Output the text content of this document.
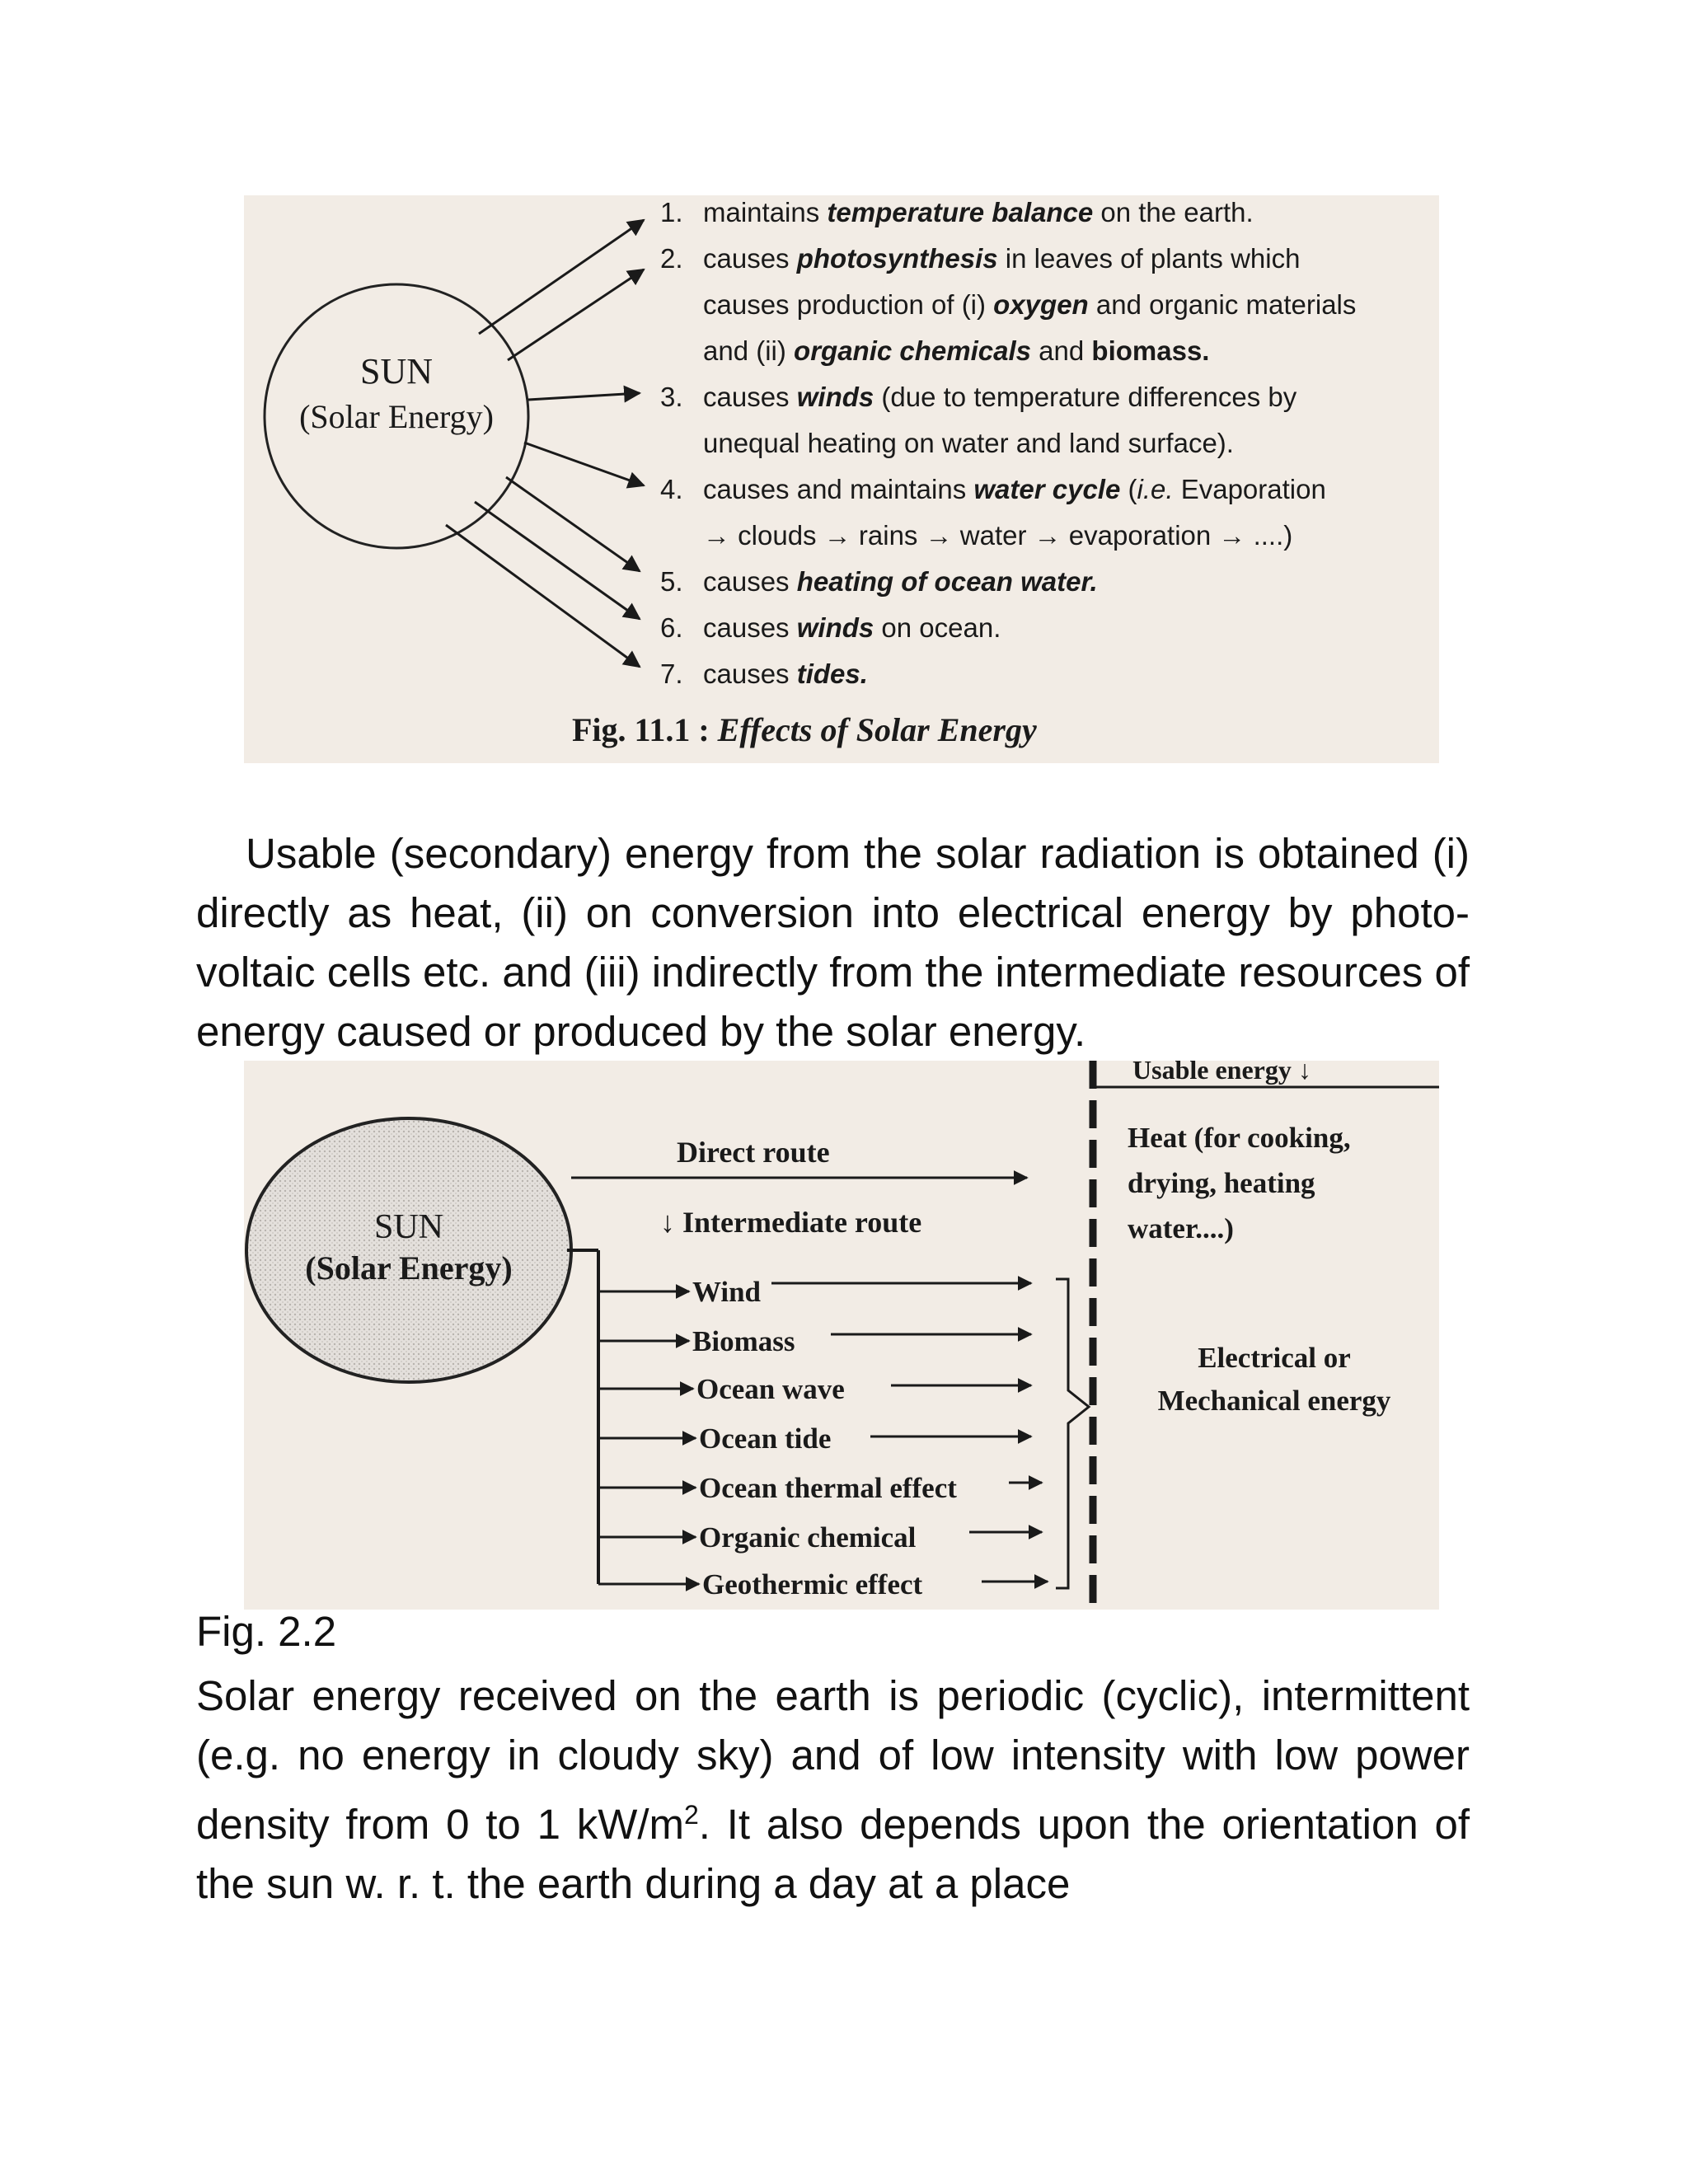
SUN
(Solar Energy)
1. maintains temperature balance on the earth.
2. causes photosynthesis in leaves of plants which
causes production of (i) oxygen and organic materials
and (ii) organic chemicals and biomass.
3. causes winds (due to temperature differences by
unequal heating on water and land surface).
4. causes and maintains water cycle (i.e. Evaporation
→ clouds → rains → water → evaporation → ....)
5. causes heating of ocean water.
6. causes winds on ocean.
7. causes tides.
Fig. 11.1 : Effects of Solar Energy

Usable (secondary) energy from the solar radiation is obtained (i) directly as heat, (ii) on conversion into electrical energy by photo-voltaic cells etc. and (iii) indirectly from the intermediate resources of energy caused or produced by the solar energy.

SUN
(Solar Energy)
Direct route
↓ Intermediate route
Wind
Biomass
Ocean wave
Ocean tide
Ocean thermal effect
Organic chemical
Geothermic effect
Usable energy ↓
Heat (for cooking,
drying, heating
water....)
Electrical or
Mechanical energy
Fig. 2.2

Solar energy received on the earth is periodic (cyclic), intermittent (e.g. no energy in cloudy sky) and of low intensity with low power density from 0 to 1 $kW/m^2$. It also depends upon the orientation of the sun w. r. t. the earth during a day at a place
